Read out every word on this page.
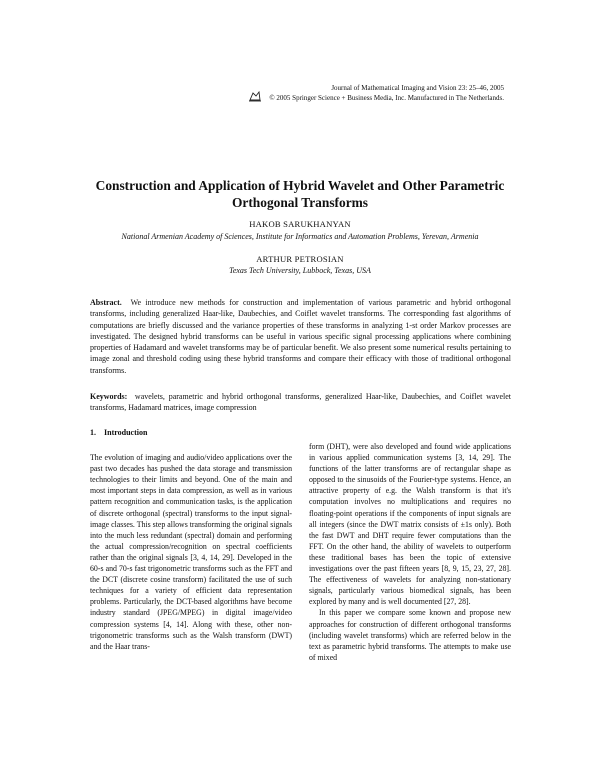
Journal of Mathematical Imaging and Vision 23: 25–46, 2005
© 2005 Springer Science + Business Media, Inc. Manufactured in The Netherlands.
Construction and Application of Hybrid Wavelet and Other Parametric
Orthogonal Transforms
HAKOB SARUKHANYAN
National Armenian Academy of Sciences, Institute for Informatics and Automation Problems, Yerevan, Armenia
ARTHUR PETROSIAN
Texas Tech University, Lubbock, Texas, USA
Abstract. We introduce new methods for construction and implementation of various parametric and hybrid orthogonal transforms, including generalized Haar-like, Daubechies, and Coiflet wavelet transforms. The corresponding fast algorithms of computations are briefly discussed and the variance properties of these transforms in analyzing 1-st order Markov processes are investigated. The designed hybrid transforms can be useful in various specific signal processing applications where combining properties of Hadamard and wavelet transforms may be of particular benefit. We also present some numerical results pertaining to image zonal and threshold coding using these hybrid transforms and compare their efficacy with those of traditional orthogonal transforms.
Keywords: wavelets, parametric and hybrid orthogonal transforms, generalized Haar-like, Daubechies, and Coiflet wavelet transforms, Hadamard matrices, image compression
1.    Introduction

The evolution of imaging and audio/video applications over the past two decades has pushed the data storage and transmission technologies to their limits and beyond. One of the main and most important steps in data compression, as well as in various pattern recognition and communication tasks, is the application of discrete orthogonal (spectral) transforms to the input signal-image classes. This step allows transforming the original signals into the much less redundant (spectral) domain and performing the actual compression/recognition on spectral coefficients rather than the original signals [3, 4, 14, 29]. Developed in the 60-s and 70-s fast trigonometric transforms such as the FFT and the DCT (discrete cosine transform) facilitated the use of such techniques for a variety of efficient data representation problems. Particularly, the DCT-based algorithms have become industry standard (JPEG/MPEG) in digital image/video compression systems [4, 14]. Along with these, other non-trigonometric transforms such as the Walsh transform (DWT) and the Haar trans-

form (DHT), were also developed and found wide applications in various applied communication systems [3, 14, 29]. The functions of the latter transforms are of rectangular shape as opposed to the sinusoids of the Fourier-type systems. Hence, an attractive property of e.g. the Walsh transform is that it's computation involves no multiplications and requires no floating-point operations if the components of input signals are all integers (since the DWT matrix consists of ±1s only). Both the fast DWT and DHT require fewer computations than the FFT. On the other hand, the ability of wavelets to outperform these traditional bases has been the topic of extensive investigations over the past fifteen years [8, 9, 15, 23, 27, 28]. The effectiveness of wavelets for analyzing non-stationary signals, particularly various biomedical signals, has been explored by many and is well documented [27, 28].

In this paper we compare some known and propose new approaches for construction of different orthogonal transforms (including wavelet transforms) which are referred below in the text as parametric hybrid transforms. The attempts to make use of mixed
